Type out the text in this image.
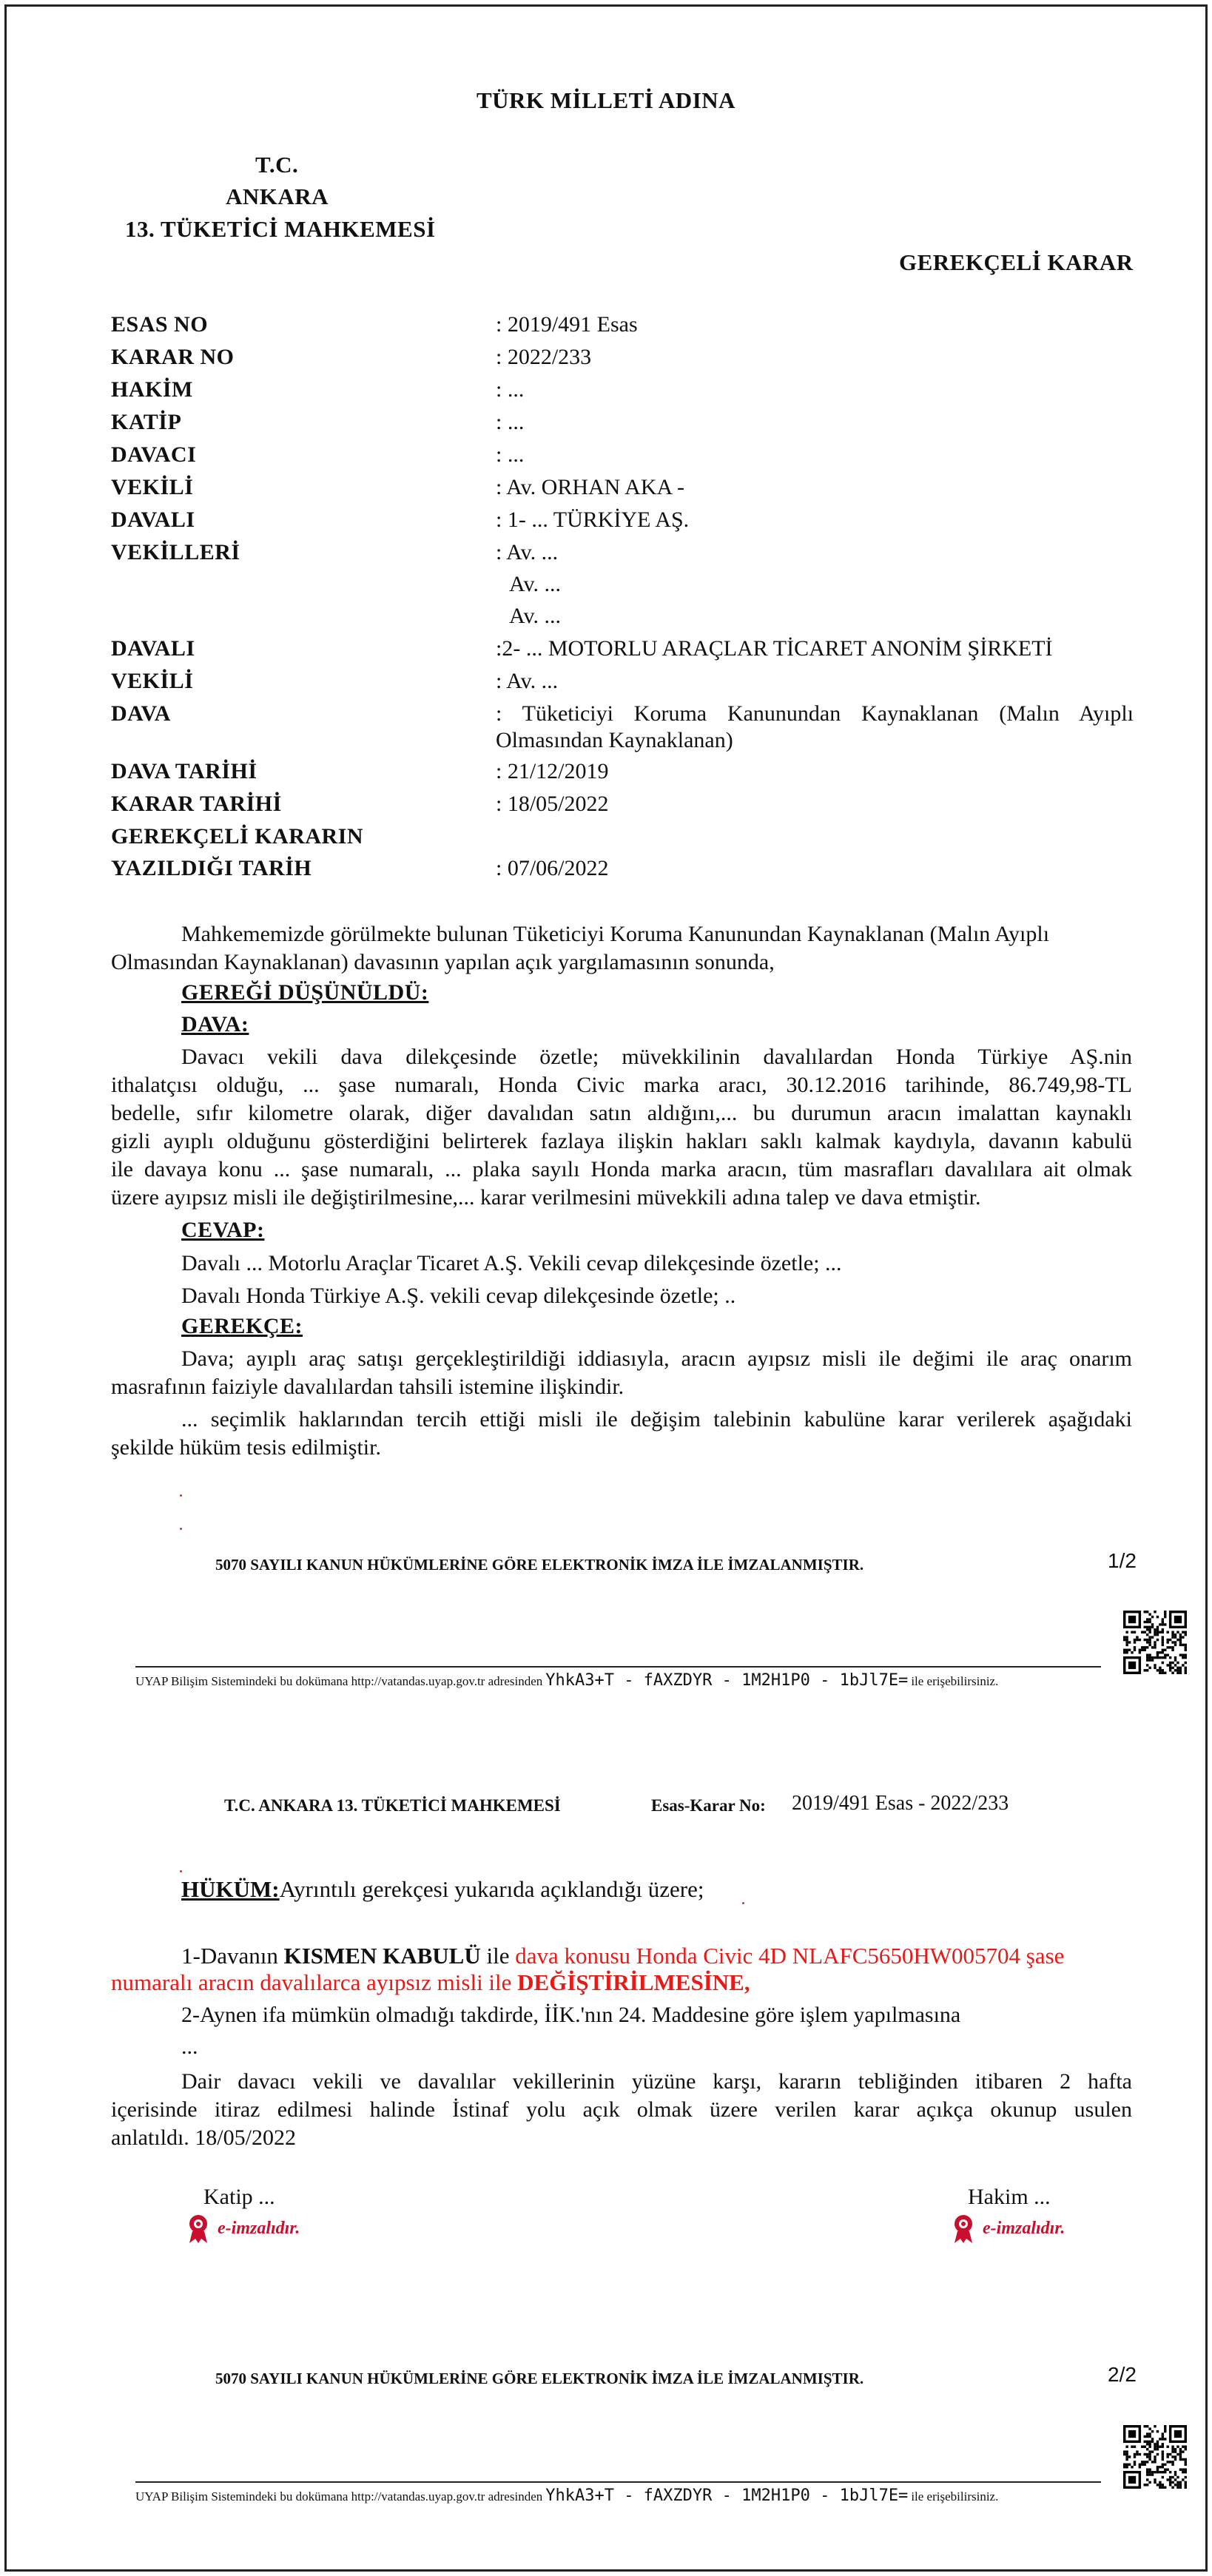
TÜRK MİLLETİ ADINA
T.C.
ANKARA
13. TÜKETİCİ MAHKEMESİ
GEREKÇELİ KARAR
ESAS NO	: 2019/491 Esas
KARAR NO	: 2022/233
HAKİM	: ...
KATİP	: ...
DAVACI	: ...
VEKİLİ	: Av. ORHAN AKA -
DAVALI	: 1- ... TÜRKİYE AŞ.
VEKİLLERİ	: Av. ...
Av. ...
Av. ...
DAVALI	:2- ... MOTORLU ARAÇLAR TİCARET ANONİM ŞİRKETİ
VEKİLİ	: Av. ...
DAVA	: Tüketiciyi Koruma Kanunundan Kaynaklanan (Malın Ayıplı
Olmasından Kaynaklanan)
DAVA TARİHİ	: 21/12/2019
KARAR TARİHİ	: 18/05/2022
GEREKÇELİ KARARIN
YAZILDIĞI TARİH	: 07/06/2022
Mahkememizde görülmekte bulunan Tüketiciyi Koruma Kanunundan Kaynaklanan (Malın Ayıplı
Olmasından Kaynaklanan) davasının yapılan açık yargılamasının sonunda,
GEREĞİ DÜŞÜNÜLDÜ:
DAVA:
Davacı vekili dava dilekçesinde özetle; müvekkilinin davalılardan Honda Türkiye AŞ.nin
ithalatçısı olduğu, ... şase numaralı, Honda Civic marka aracı, 30.12.2016 tarihinde, 86.749,98-TL
bedelle, sıfır kilometre olarak, diğer davalıdan satın aldığını,... bu durumun aracın imalattan kaynaklı
gizli ayıplı olduğunu gösterdiğini belirterek fazlaya ilişkin hakları saklı kalmak kaydıyla, davanın kabulü
ile davaya konu ... şase numaralı, ... plaka sayılı Honda marka aracın, tüm masrafları davalılara ait olmak
üzere ayıpsız misli ile değiştirilmesine,... karar verilmesini müvekkili adına talep ve dava etmiştir.
CEVAP:
Davalı ... Motorlu Araçlar Ticaret A.Ş. Vekili cevap dilekçesinde özetle; ...
Davalı Honda Türkiye A.Ş. vekili cevap dilekçesinde özetle; ..
GEREKÇE:
Dava; ayıplı araç satışı gerçekleştirildiği iddiasıyla, aracın ayıpsız misli ile değimi ile araç onarım
masrafının faiziyle davalılardan tahsili istemine ilişkindir.
... seçimlik haklarından tercih ettiği misli ile değişim talebinin kabulüne karar verilerek aşağıdaki
şekilde hüküm tesis edilmiştir.
5070 SAYILI KANUN HÜKÜMLERİNE GÖRE ELEKTRONİK İMZA İLE İMZALANMIŞTIR.	1/2
UYAP Bilişim Sistemindeki bu dokümana http://vatandas.uyap.gov.tr adresinden YhkA3+T - fAXZDYR - 1M2H1P0 - 1bJl7E= ile erişebilirsiniz.
T.C. ANKARA 13. TÜKETİCİ MAHKEMESİ	Esas-Karar No: 2019/491 Esas - 2022/233
HÜKÜM:Ayrıntılı gerekçesi yukarıda açıklandığı üzere;
1-Davanın KISMEN KABULÜ ile dava konusu Honda Civic 4D NLAFC5650HW005704 şase
numaralı aracın davalılarca ayıpsız misli ile DEĞİŞTİRİLMESİNE,
2-Aynen ifa mümkün olmadığı takdirde, İİK.'nın 24. Maddesine göre işlem yapılmasına
...
Dair davacı vekili ve davalılar vekillerinin yüzüne karşı, kararın tebliğinden itibaren 2 hafta
içerisinde itiraz edilmesi halinde İstinaf yolu açık olmak üzere verilen karar açıkça okunup usulen
anlatıldı. 18/05/2022
Katip ...	Hakim ...
e-imzalıdır.	e-imzalıdır.
5070 SAYILI KANUN HÜKÜMLERİNE GÖRE ELEKTRONİK İMZA İLE İMZALANMIŞTIR.	2/2
UYAP Bilişim Sistemindeki bu dokümana http://vatandas.uyap.gov.tr adresinden YhkA3+T - fAXZDYR - 1M2H1P0 - 1bJl7E= ile erişebilirsiniz.
